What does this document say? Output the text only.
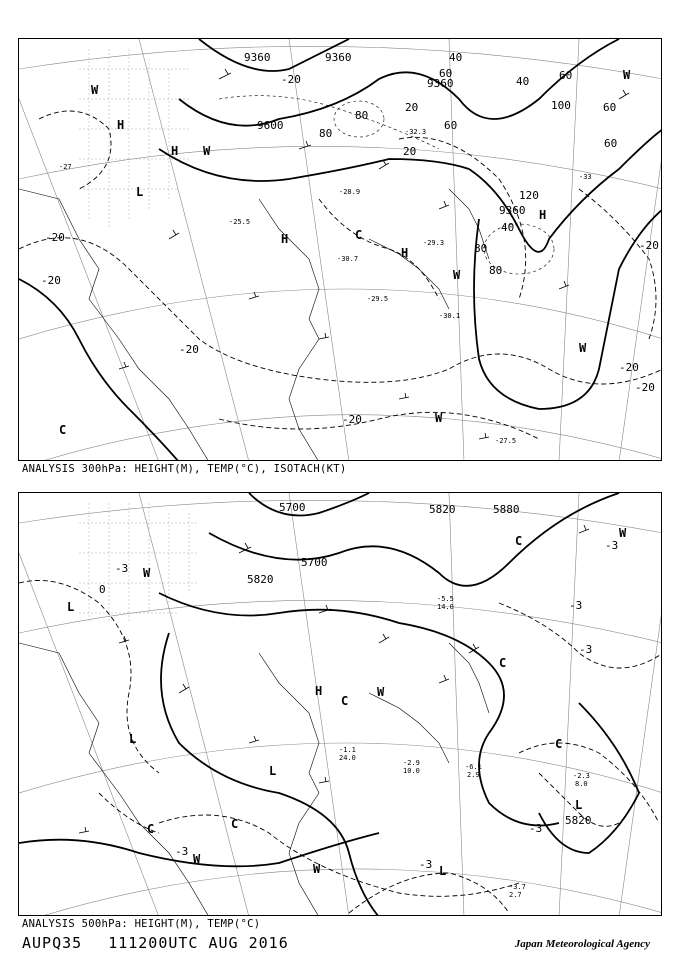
9360	9360
9600
9360
9360
-20
-20
-20
-20
-20
-20
-20
-20
40
60
80
80
60
40
100	60
120
80
40
60
80
60
20
20
H
H
H
H
H
L
C
W
W
W
W
W
C
W
-27
-29.3
-29.5
-30.7
-27.5
-30.1
-28.9
-25.5
-33
-32.3
ANALYSIS 300hPa: HEIGHT(M), TEMP(°C), ISOTACH(KT)
5700
5820
5700	5820	5880
5820
-3
-3
-3
-3
-3
0
-3
-3
L
L
L
L
L
H
W
W
W
W
W
C
C
C
C
C
C
-6.1
2.9	-2.3
8.0
-3.7
2.7
-1.1
24.0
-2.9
10.0
-5.5
14.0
ANALYSIS 500hPa: HEIGHT(M), TEMP(°C)
AUPQ35 111200UTC AUG 2016	Japan Meteorological Agency
